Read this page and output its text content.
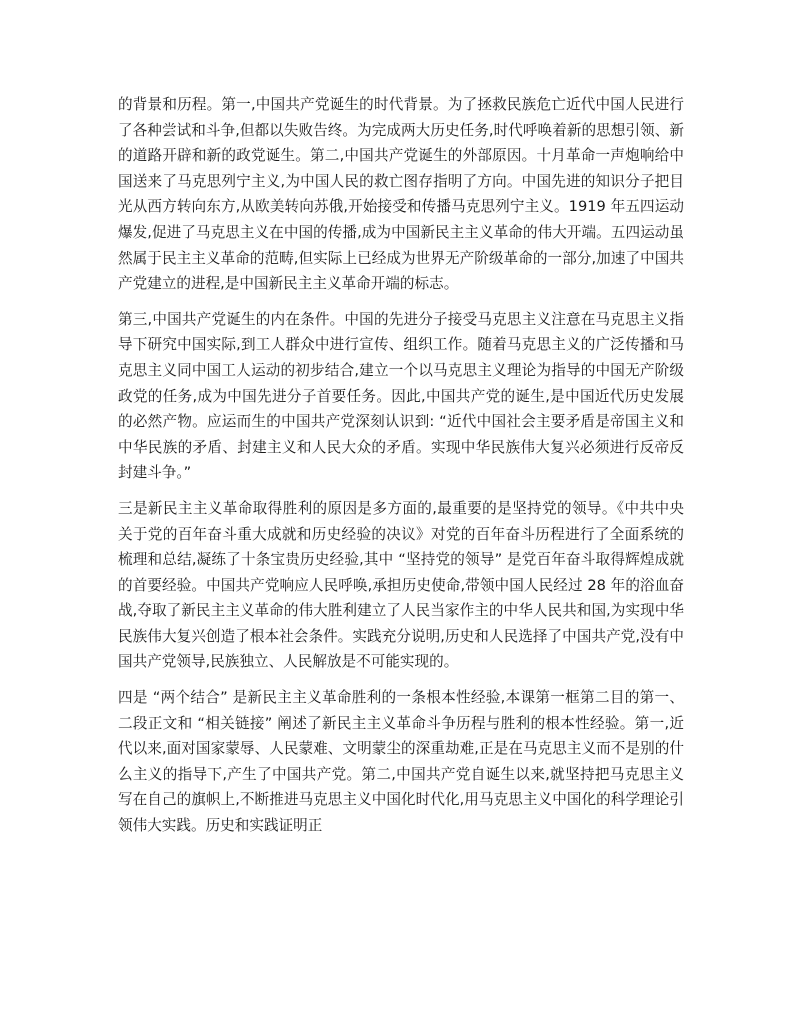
的背景和历程。第一,中国共产党诞生的时代背景。为了拯救民族危亡近代中国人民进行了各种尝试和斗争,但都以失败告终。为完成两大历史任务,时代呼唤着新的思想引领、新的道路开辟和新的政党诞生。第二,中国共产党诞生的外部原因。十月革命一声炮响给中国送来了马克思列宁主义,为中国人民的救亡图存指明了方向。中国先进的知识分子把目光从西方转向东方,从欧美转向苏俄,开始接受和传播马克思列宁主义。1919 年五四运动爆发,促进了马克思主义在中国的传播,成为中国新民主主义革命的伟大开端。五四运动虽然属于民主主义革命的范畴,但实际上已经成为世界无产阶级革命的一部分,加速了中国共产党建立的进程,是中国新民主主义革命开端的标志。

第三,中国共产党诞生的内在条件。中国的先进分子接受马克思主义注意在马克思主义指导下研究中国实际,到工人群众中进行宣传、组织工作。随着马克思主义的广泛传播和马克思主义同中国工人运动的初步结合,建立一个以马克思主义理论为指导的中国无产阶级政党的任务,成为中国先进分子首要任务。因此,中国共产党的诞生,是中国近代历史发展的必然产物。应运而生的中国共产党深刻认识到: “近代中国社会主要矛盾是帝国主义和中华民族的矛盾、封建主义和人民大众的矛盾。实现中华民族伟大复兴必须进行反帝反封建斗争。”

三是新民主主义革命取得胜利的原因是多方面的,最重要的是坚持党的领导。《中共中央关于党的百年奋斗重大成就和历史经验的决议》对党的百年奋斗历程进行了全面系统的梳理和总结,凝练了十条宝贵历史经验,其中 “坚持党的领导” 是党百年奋斗取得辉煌成就的首要经验。中国共产党响应人民呼唤,承担历史使命,带领中国人民经过 28 年的浴血奋战,夺取了新民主主义革命的伟大胜利建立了人民当家作主的中华人民共和国,为实现中华民族伟大复兴创造了根本社会条件。实践充分说明,历史和人民选择了中国共产党,没有中国共产党领导,民族独立、人民解放是不可能实现的。

四是 “两个结合” 是新民主主义革命胜利的一条根本性经验,本课第一框第二目的第一、二段正文和 “相关链接” 阐述了新民主主义革命斗争历程与胜利的根本性经验。第一,近代以来,面对国家蒙辱、人民蒙难、文明蒙尘的深重劫难,正是在马克思主义而不是别的什么主义的指导下,产生了中国共产党。第二,中国共产党自诞生以来,就坚持把马克思主义写在自己的旗帜上,不断推进马克思主义中国化时代化,用马克思主义中国化的科学理论引领伟大实践。历史和实践证明正
